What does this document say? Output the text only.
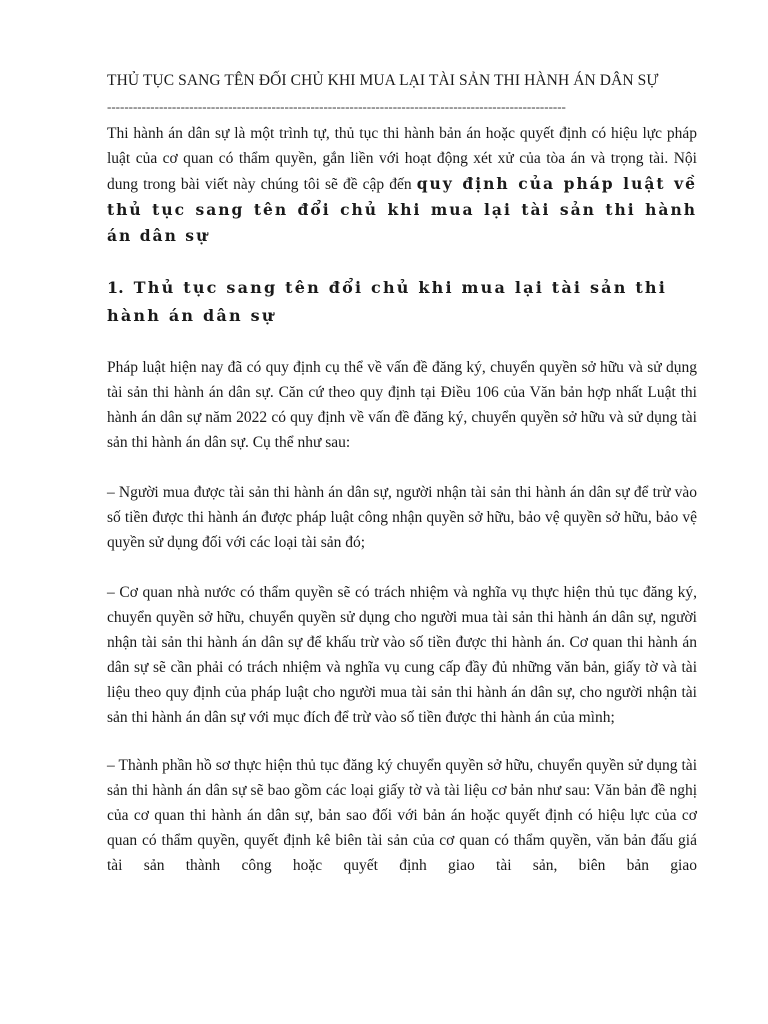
THỦ TỤC SANG TÊN ĐỐI CHỦ KHI MUA LẠI TÀI SẢN THI HÀNH ÁN DÂN SỰ
----------------------------------------------------------------------------------------------------------
Thi hành án dân sự là một trình tự, thủ tục thi hành bản án hoặc quyết định có hiệu lực pháp luật của cơ quan có thẩm quyền, gắn liền với hoạt động xét xử của tòa án và trọng tài. Nội dung trong bài viết này chúng tôi sẽ đề cập đến quy định của pháp luật về thủ tục sang tên đổi chủ khi mua lại tài sản thi hành án dân sự
1. Thủ tục sang tên đổi chủ khi mua lại tài sản thi hành án dân sự
Pháp luật hiện nay đã có quy định cụ thể về vấn đề đăng ký, chuyển quyền sở hữu và sử dụng tài sản thi hành án dân sự. Căn cứ theo quy định tại Điều 106 của Văn bản hợp nhất Luật thi hành án dân sự năm 2022 có quy định về vấn đề đăng ký, chuyển quyền sở hữu và sử dụng tài sản thi hành án dân sự. Cụ thể như sau:
– Người mua được tài sản thi hành án dân sự, người nhận tài sản thi hành án dân sự để trừ vào số tiền được thi hành án được pháp luật công nhận quyền sở hữu, bảo vệ quyền sở hữu, bảo vệ quyền sử dụng đối với các loại tài sản đó;
– Cơ quan nhà nước có thẩm quyền sẽ có trách nhiệm và nghĩa vụ thực hiện thủ tục đăng ký, chuyển quyền sở hữu, chuyển quyền sử dụng cho người mua tài sản thi hành án dân sự, người nhận tài sản thi hành án dân sự để khấu trừ vào số tiền được thi hành án. Cơ quan thi hành án dân sự sẽ cần phải có trách nhiệm và nghĩa vụ cung cấp đầy đủ những văn bản, giấy tờ và tài liệu theo quy định của pháp luật cho người mua tài sản thi hành án dân sự, cho người nhận tài sản thi hành án dân sự với mục đích để trừ vào số tiền được thi hành án của mình;
– Thành phần hồ sơ thực hiện thủ tục đăng ký chuyển quyền sở hữu, chuyển quyền sử dụng tài sản thi hành án dân sự sẽ bao gồm các loại giấy tờ và tài liệu cơ bản như sau: Văn bản đề nghị của cơ quan thi hành án dân sự, bản sao đối với bản án hoặc quyết định có hiệu lực của cơ quan có thẩm quyền, quyết định kê biên tài sản của cơ quan có thẩm quyền, văn bản đấu giá tài sản thành công hoặc quyết định giao tài sản, biên bản giao
